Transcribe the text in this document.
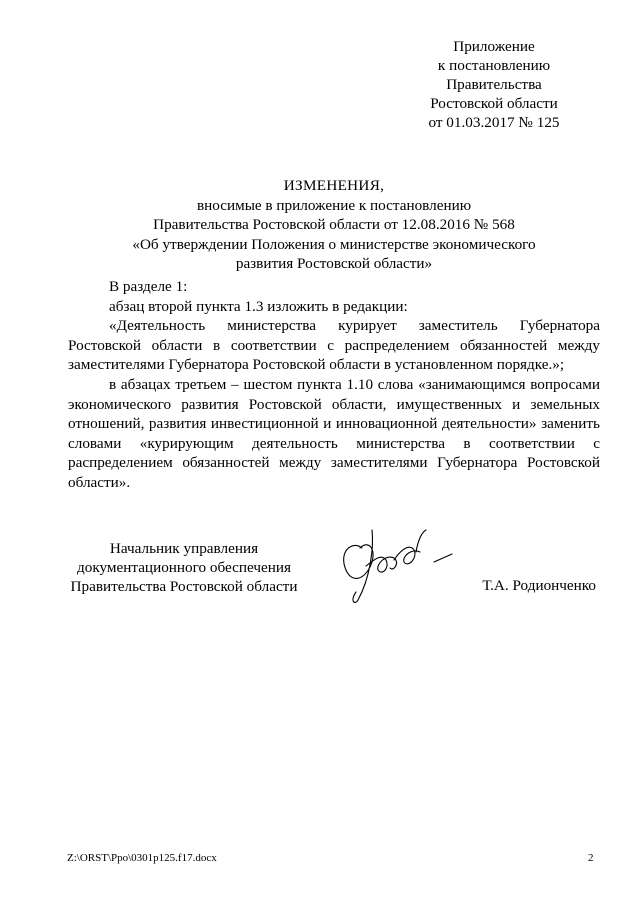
Приложение
к постановлению
Правительства
Ростовской области
от 01.03.2017 № 125
ИЗМЕНЕНИЯ,
вносимые в приложение к постановлению
Правительства Ростовской области от 12.08.2016 № 568
«Об утверждении Положения о министерстве экономического
развития Ростовской области»

В разделе 1:

абзац второй пункта 1.3 изложить в редакции:

«Деятельность министерства курирует заместитель Губернатора Ростовской области в соответствии с распределением обязанностей между заместителями Губернатора Ростовской области в установленном порядке.»;

в абзацах третьем – шестом пункта 1.10 слова «занимающимся вопросами экономического развития Ростовской области, имущественных и земельных отношений, развития инвестиционной и инновационной деятельности» заменить словами «курирующим деятельность министерства в соответствии с распределением обязанностей между заместителями Губернатора Ростовской области».

Начальник управления
документационного обеспечения
Правительства Ростовской области	Т.А. Родионченко
Z:\ORST\Ppo\0301p125.f17.docx	2
